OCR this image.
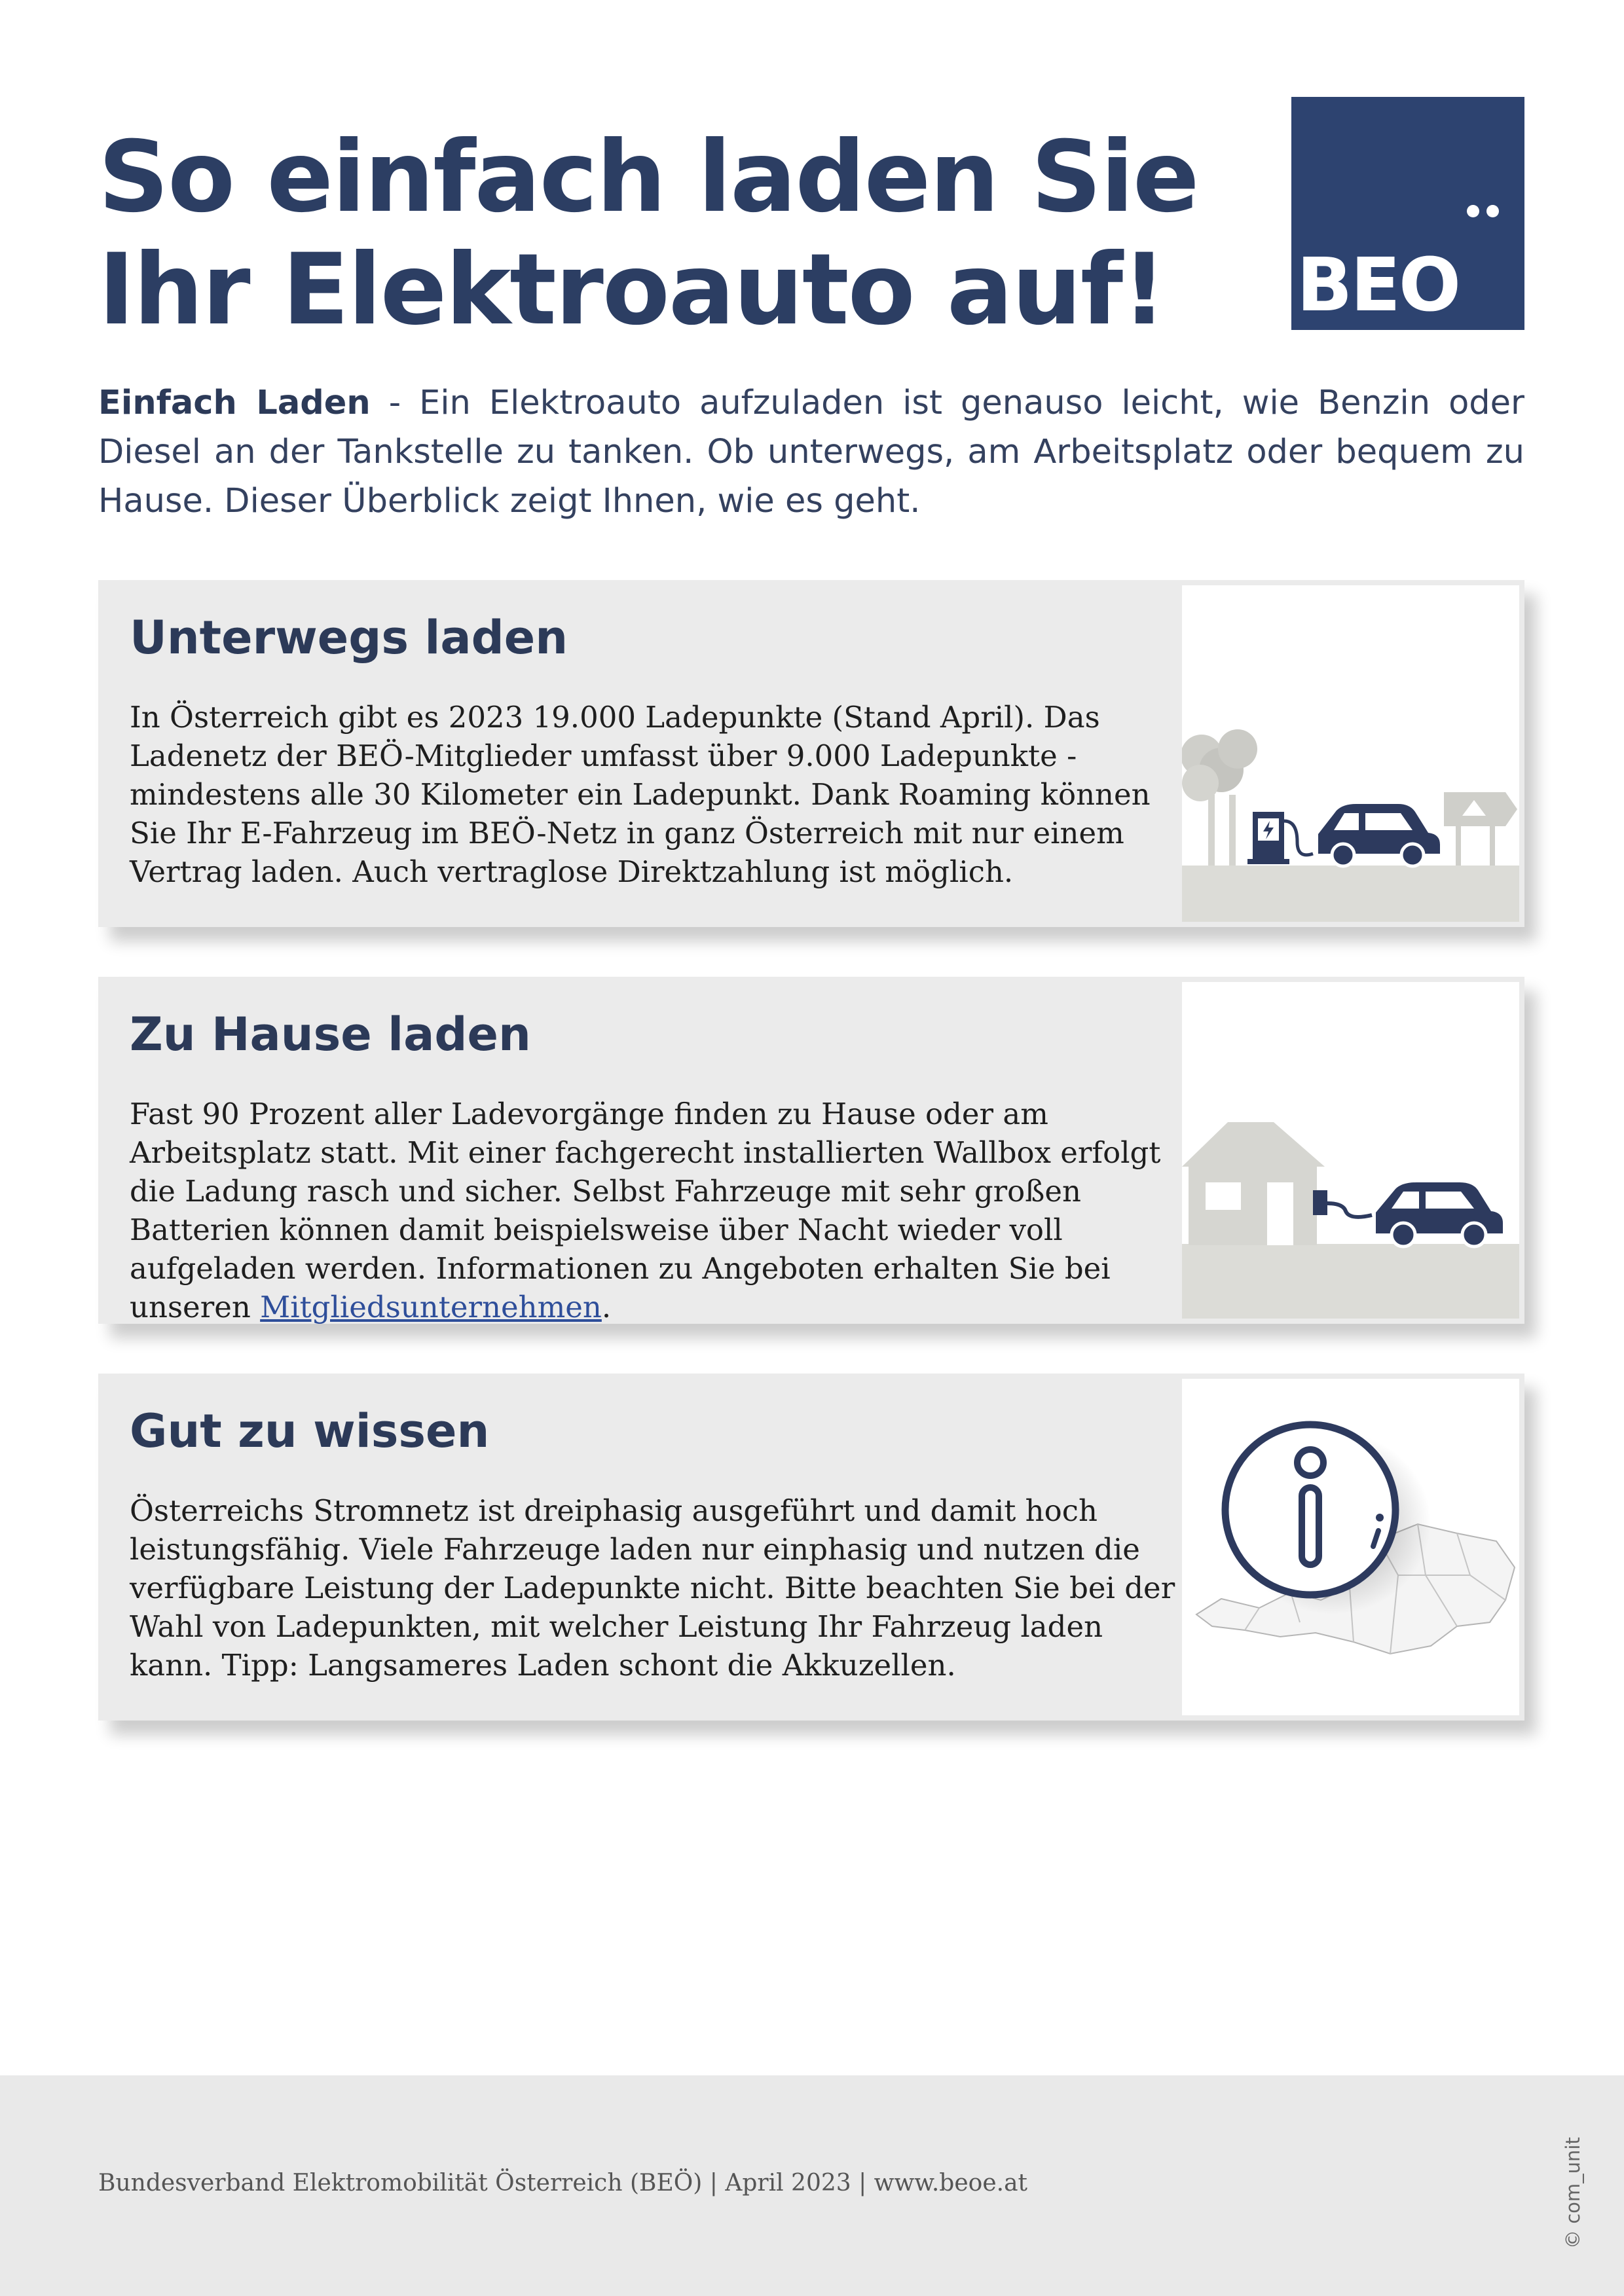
So einfach laden Sie
Ihr Elektroauto auf!	BEO

Einfach Laden - Ein Elektroauto aufzuladen ist genauso leicht, wie Benzin oder Diesel an der Tankstelle zu tanken. Ob unterwegs, am Arbeitsplatz oder bequem zu Hause. Dieser Überblick zeigt Ihnen, wie es geht.

Unterwegs laden

In Österreich gibt es 2023 19.000 Ladepunkte (Stand April). Das Ladenetz der BEÖ-Mitglieder umfasst über 9.000 Ladepunkte - mindestens alle 30 Kilometer ein Ladepunkt. Dank Roaming können Sie Ihr E-Fahrzeug im BEÖ-Netz in ganz Österreich mit nur einem Vertrag laden. Auch vertraglose Direktzahlung ist möglich.

Zu Hause laden

Fast 90 Prozent aller Ladevorgänge finden zu Hause oder am Arbeitsplatz statt. Mit einer fachgerecht installierten Wallbox erfolgt die Ladung rasch und sicher. Selbst Fahrzeuge mit sehr großen Batterien können damit beispielsweise über Nacht wieder voll aufgeladen werden. Informationen zu Angeboten erhalten Sie bei unseren Mitgliedsunternehmen.

Gut zu wissen

Österreichs Stromnetz ist dreiphasig ausgeführt und damit hoch leistungsfähig. Viele Fahrzeuge laden nur einphasig und nutzen die verfügbare Leistung der Ladepunkte nicht. Bitte beachten Sie bei der Wahl von Ladepunkten, mit welcher Leistung Ihr Fahrzeug laden kann. Tipp: Langsameres Laden schont die Akkuzellen.

Bundesverband Elektromobilität Österreich (BEÖ) | April 2023 | www.beoe.at	© com_unit
